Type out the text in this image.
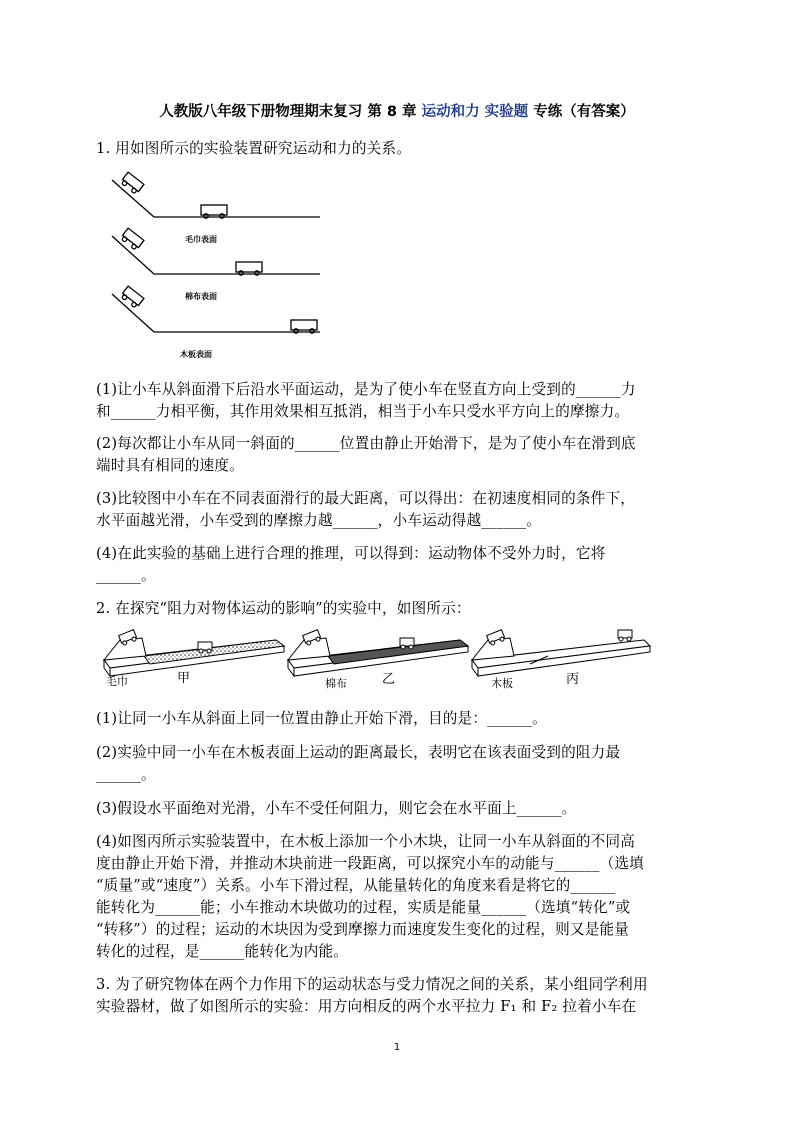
人教版八年级下册物理期末复习 第 8 章 运动和力 实验题 专练（有答案）
1. 用如图所示的实验装置研究运动和力的关系。
毛巾表面
棉布表面
木板表面
(1)让小车从斜面滑下后沿水平面运动，是为了使小车在竖直方向上受到的______力
和______力相平衡，其作用效果相互抵消，相当于小车只受水平方向上的摩擦力。
(2)每次都让小车从同一斜面的______位置由静止开始滑下，是为了使小车在滑到底
端时具有相同的速度。
(3)比较图中小车在不同表面滑行的最大距离，可以得出：在初速度相同的条件下，
水平面越光滑，小车受到的摩擦力越______，小车运动得越______。
(4)在此实验的基础上进行合理的推理，可以得到：运动物体不受外力时，它将
______。
2. 在探究“阻力对物体运动的影响”的实验中，如图所示：
毛巾	甲	棉布	乙	木板	丙
(1)让同一小车从斜面上同一位置由静止开始下滑，目的是：______。
(2)实验中同一小车在木板表面上运动的距离最长，表明它在该表面受到的阻力最
______。
(3)假设水平面绝对光滑，小车不受任何阻力，则它会在水平面上______。
(4)如图丙所示实验装置中，在木板上添加一个小木块，让同一小车从斜面的不同高
度由静止开始下滑，并推动木块前进一段距离，可以探究小车的动能与______（选填
“质量”或“速度”）关系。小车下滑过程，从能量转化的角度来看是将它的______
能转化为______能；小车推动木块做功的过程，实质是能量______（选填“转化”或
“转移”）的过程；运动的木块因为受到摩擦力而速度发生变化的过程，则又是能量
转化的过程，是______能转化为内能。
3. 为了研究物体在两个力作用下的运动状态与受力情况之间的关系，某小组同学利用
实验器材，做了如图所示的实验：用方向相反的两个水平拉力 F₁ 和 F₂ 拉着小车在
1
